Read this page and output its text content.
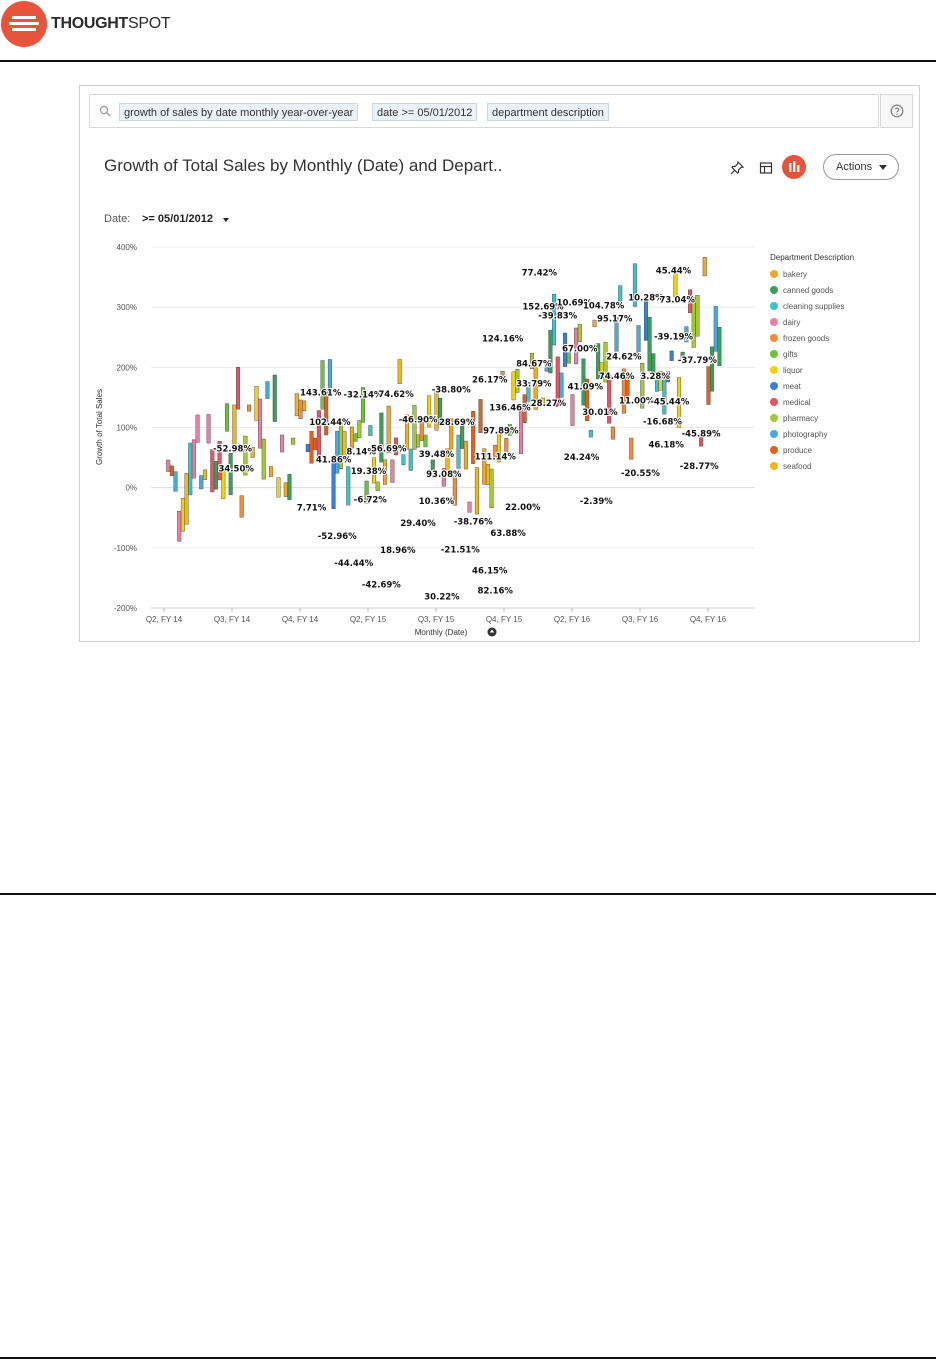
THOUGHTSPOT
growth of sales by date monthly year-over-year	date >= 05/01/2012	department description
Growth of Total Sales by Monthly (Date) and Depart..	Actions
Date: >= 05/01/2012
400%
300%
200%
100%
0%
-100%
-200%
Q2, FY 14	Q3, FY 14	Q4, FY 14	Q2, FY 15	Q3, FY 15	Q4, FY 15	Q2, FY 16	Q3, FY 16	Q4, FY 16
Growth of Total Sales
Monthly (Date)
77.42%	45.44%
152.69%
10.69%
104.78%
10.28%
73.04%
-39.83% 95.17%
-39.19%
124.16%
67.00%
24.62%	-37.79%
84.67%
26.17% 33.79% 41.09%
74.46% 3.28%
143.61% -32.14%
74.62% -38.80%
-28.27%	11.00%
-45.44%
136.46%	30.01%
-46.90%
102.44%	28.69%	-16.68%
97.89%	-45.89%
8.14%
56.69%
39.48%
46.18%
-52.98%
41.86%	111.14%	24.24%
34.50%	19.38%	93.08%
-28.77%
-20.55%
10.36%
-6.72%
7.71%	22.00%
-2.39%
29.40% -38.76%
63.88%
-52.96%
18.96%	-21.51%
-44.44%
46.15%
-42.69%
82.16%
30.22%
Department Description
bakery
canned goods
cleaning supplies
dairy
frozen goods
gifts
liquor
meat
medical
pharmacy
photography
produce
seafood
